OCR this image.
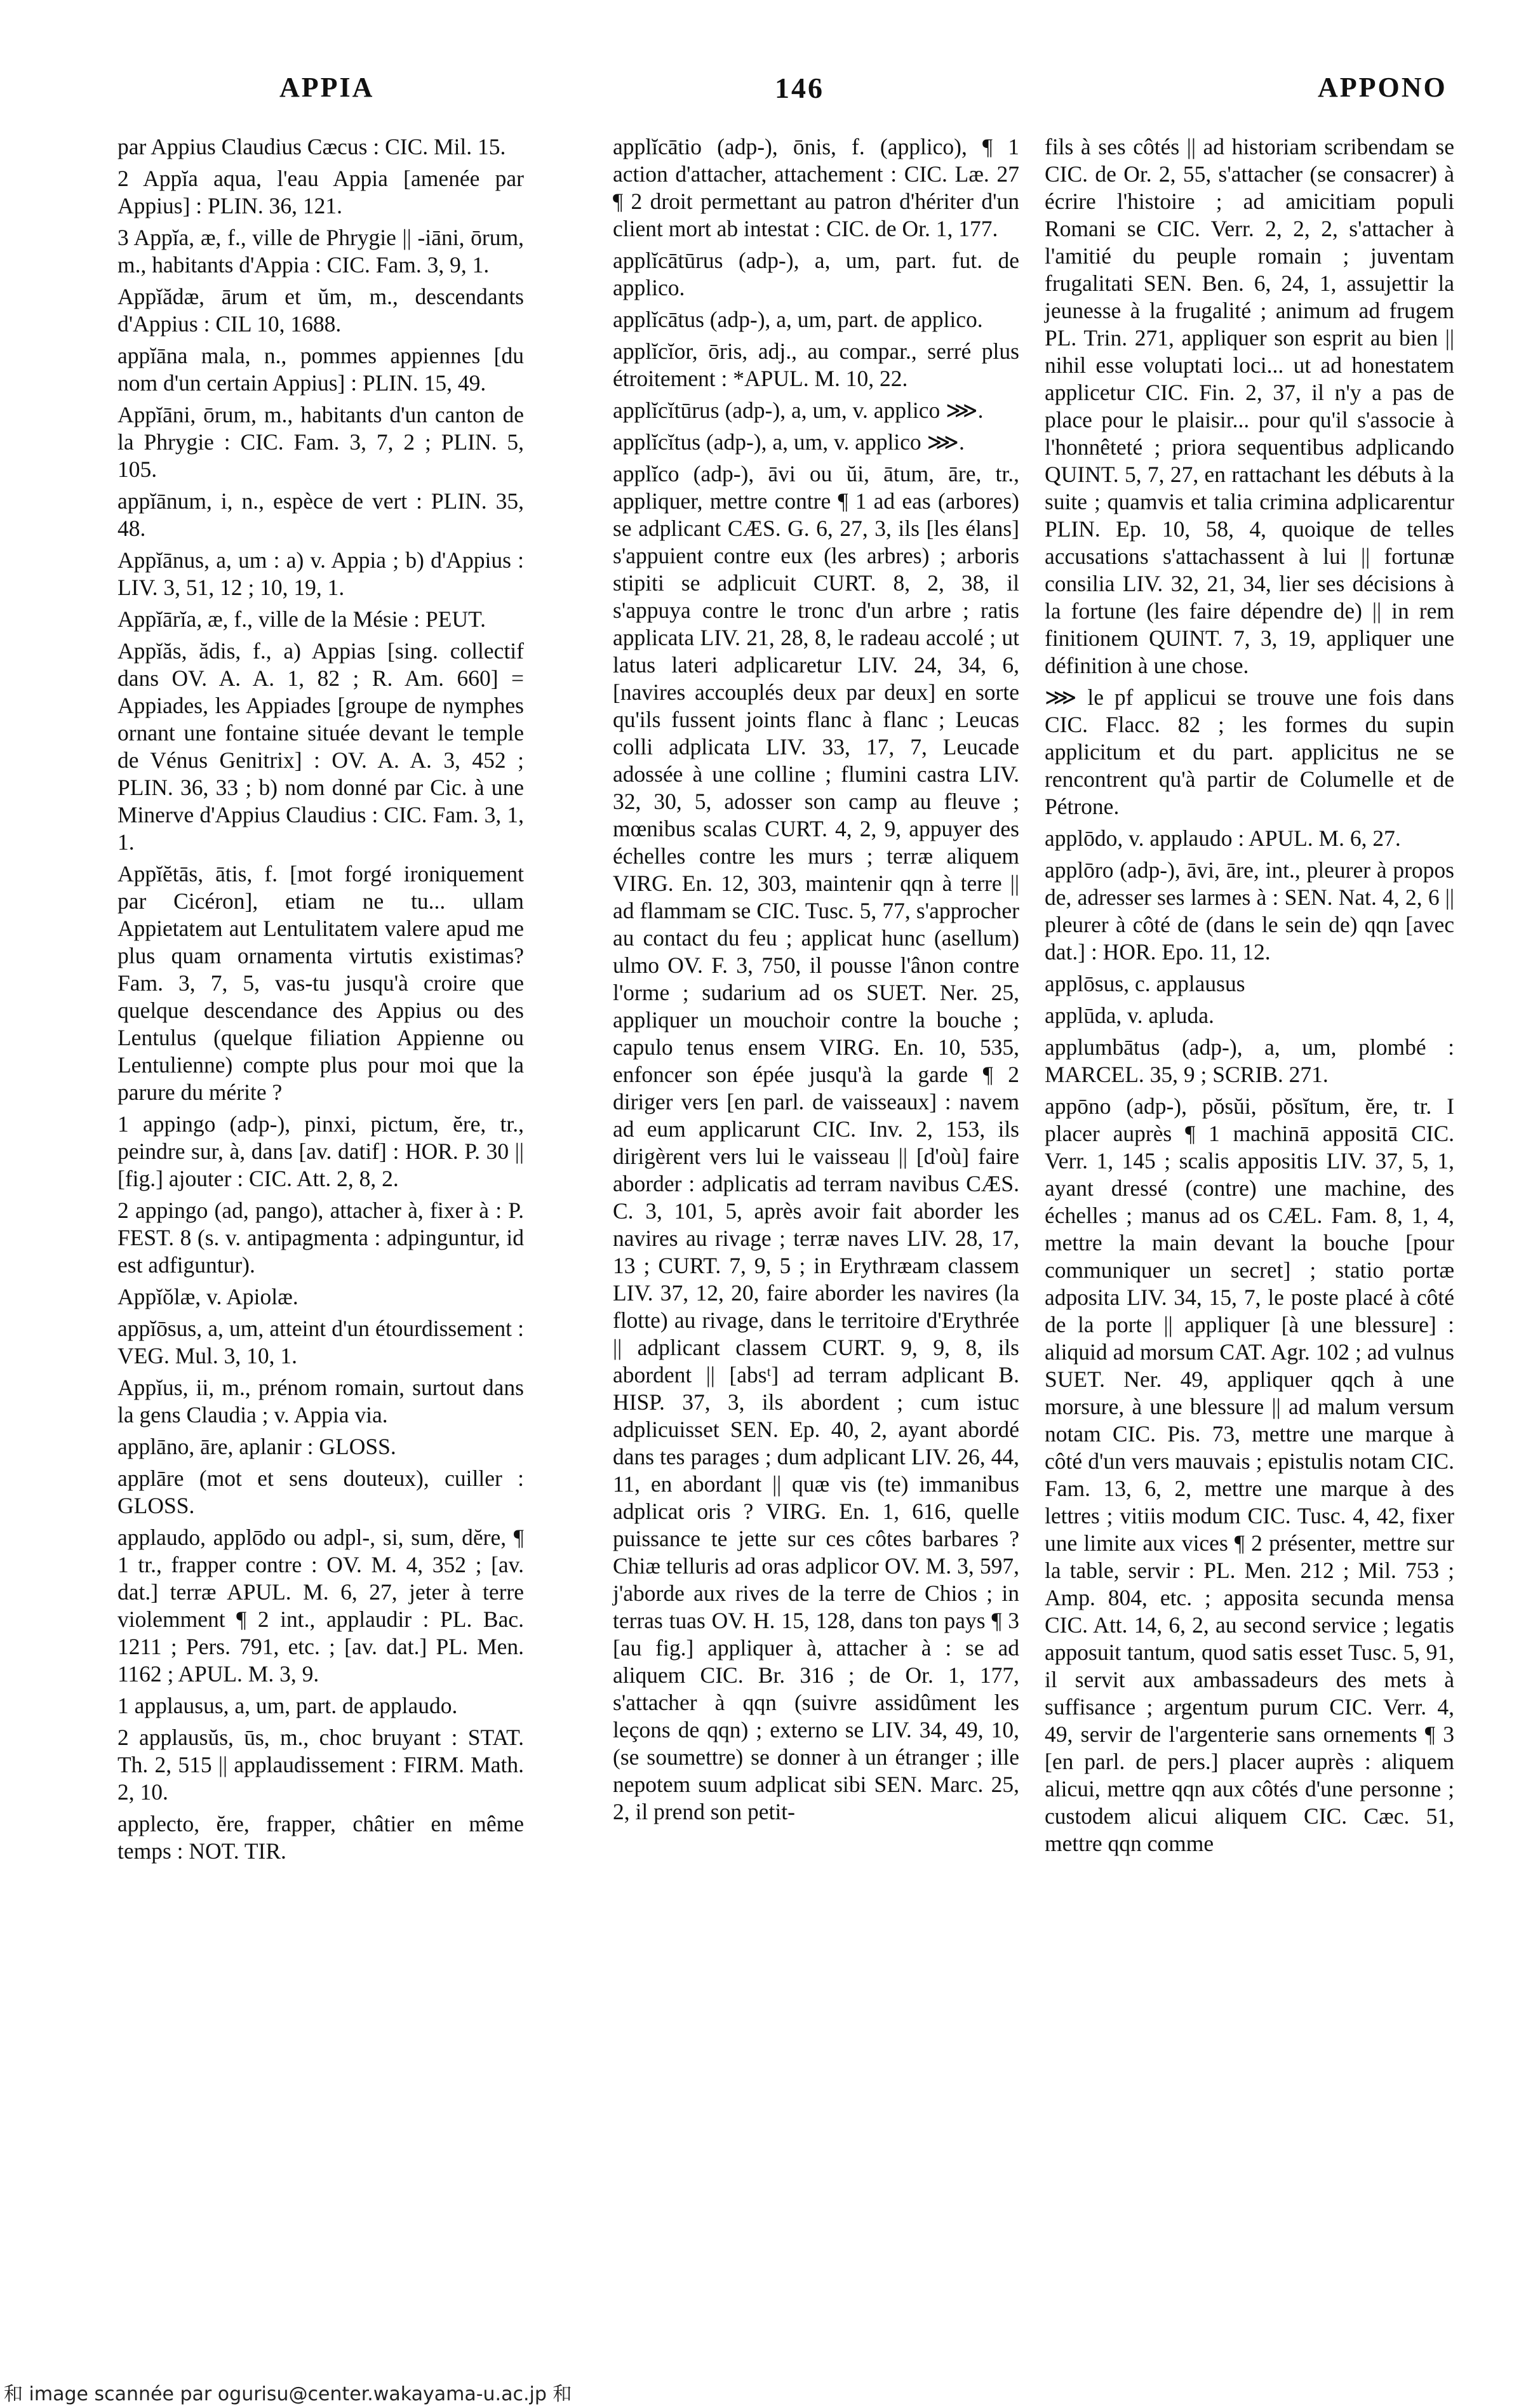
APPIA	146	APPONO

par Appius Claudius Cæcus : CIC. Mil. 15.

2 Appĭa aqua, l'eau Appia [amenée par Appius] : PLIN. 36, 121.

3 Appĭa, æ, f., ville de Phrygie || -iāni, ōrum, m., habitants d'Appia : CIC. Fam. 3, 9, 1.

Appĭădæ, ārum et ŭm, m., descendants d'Appius : CIL 10, 1688.

appĭāna mala, n., pommes appiennes [du nom d'un certain Appius] : PLIN. 15, 49.

Appĭāni, ōrum, m., habitants d'un canton de la Phrygie : CIC. Fam. 3, 7, 2 ; PLIN. 5, 105.

appĭānum, i, n., espèce de vert : PLIN. 35, 48.

Appĭānus, a, um : a) v. Appia ; b) d'Appius : LIV. 3, 51, 12 ; 10, 19, 1.

Appĭārĭa, æ, f., ville de la Mésie : PEUT.

Appĭăs, ădis, f., a) Appias [sing. collectif dans OV. A. A. 1, 82 ; R. Am. 660] = Appiades, les Appiades [groupe de nymphes ornant une fontaine située devant le temple de Vénus Genitrix] : OV. A. A. 3, 452 ; PLIN. 36, 33 ; b) nom donné par Cic. à une Minerve d'Appius Claudius : CIC. Fam. 3, 1, 1.

Appĭĕtās, ātis, f. [mot forgé ironiquement par Cicéron], etiam ne tu... ullam Appietatem aut Lentulitatem valere apud me plus quam ornamenta virtutis existimas? Fam. 3, 7, 5, vas-tu jusqu'à croire que quelque descendance des Appius ou des Lentulus (quelque filiation Appienne ou Lentulienne) compte plus pour moi que la parure du mérite ?

1 appingo (adp-), pinxi, pictum, ĕre, tr., peindre sur, à, dans [av. datif] : HOR. P. 30 || [fig.] ajouter : CIC. Att. 2, 8, 2.

2 appingo (ad, pango), attacher à, fixer à : P. FEST. 8 (s. v. antipagmenta : adpinguntur, id est adfiguntur).

Appĭŏlæ, v. Apiolæ.

appĭōsus, a, um, atteint d'un étourdissement : VEG. Mul. 3, 10, 1.

Appĭus, ii, m., prénom romain, surtout dans la gens Claudia ; v. Appia via.

applāno, āre, aplanir : GLOSS.

applāre (mot et sens douteux), cuiller : GLOSS.

applaudo, applōdo ou adpl-, si, sum, dĕre, ¶ 1 tr., frapper contre : OV. M. 4, 352 ; [av. dat.] terræ APUL. M. 6, 27, jeter à terre violemment ¶ 2 int., applaudir : PL. Bac. 1211 ; Pers. 791, etc. ; [av. dat.] PL. Men. 1162 ; APUL. M. 3, 9.

1 applausus, a, um, part. de applaudo.

2 applausŭs, ūs, m., choc bruyant : STAT. Th. 2, 515 || applaudissement : FIRM. Math. 2, 10.

applecto, ĕre, frapper, châtier en même temps : NOT. TIR.

applĭcātio (adp-), ōnis, f. (applico), ¶ 1 action d'attacher, attachement : CIC. Læ. 27 ¶ 2 droit permettant au patron d'hériter d'un client mort ab intestat : CIC. de Or. 1, 177.

applĭcātūrus (adp-), a, um, part. fut. de applico.

applĭcātus (adp-), a, um, part. de applico.

applĭcĭor, ōris, adj., au compar., serré plus étroitement : *APUL. M. 10, 22.

applĭcĭtūrus (adp-), a, um, v. applico ⋙.

applĭcĭtus (adp-), a, um, v. applico ⋙.

applĭco (adp-), āvi ou ŭi, ātum, āre, tr., appliquer, mettre contre ¶ 1 ad eas (arbores) se adplicant CÆS. G. 6, 27, 3, ils [les élans] s'appuient contre eux (les arbres) ; arboris stipiti se adplicuit CURT. 8, 2, 38, il s'appuya contre le tronc d'un arbre ; ratis applicata LIV. 21, 28, 8, le radeau accolé ; ut latus lateri adplicaretur LIV. 24, 34, 6, [navires accouplés deux par deux] en sorte qu'ils fussent joints flanc à flanc ; Leucas colli adplicata LIV. 33, 17, 7, Leucade adossée à une colline ; flumini castra LIV. 32, 30, 5, adosser son camp au fleuve ; mœnibus scalas CURT. 4, 2, 9, appuyer des échelles contre les murs ; terræ aliquem VIRG. En. 12, 303, maintenir qqn à terre || ad flammam se CIC. Tusc. 5, 77, s'approcher au contact du feu ; applicat hunc (asellum) ulmo OV. F. 3, 750, il pousse l'ânon contre l'orme ; sudarium ad os SUET. Ner. 25, appliquer un mouchoir contre la bouche ; capulo tenus ensem VIRG. En. 10, 535, enfoncer son épée jusqu'à la garde ¶ 2 diriger vers [en parl. de vaisseaux] : navem ad eum applicarunt CIC. Inv. 2, 153, ils dirigèrent vers lui le vaisseau || [d'où] faire aborder : adplicatis ad terram navibus CÆS. C. 3, 101, 5, après avoir fait aborder les navires au rivage ; terræ naves LIV. 28, 17, 13 ; CURT. 7, 9, 5 ; in Erythræam classem LIV. 37, 12, 20, faire aborder les navires (la flotte) au rivage, dans le territoire d'Erythrée || adplicant classem CURT. 9, 9, 8, ils abordent || [absᵗ] ad terram adplicant B. HISP. 37, 3, ils abordent ; cum istuc adplicuisset SEN. Ep. 40, 2, ayant abordé dans tes parages ; dum adplicant LIV. 26, 44, 11, en abordant || quæ vis (te) immanibus adplicat oris ? VIRG. En. 1, 616, quelle puissance te jette sur ces côtes barbares ? Chiæ telluris ad oras adplicor OV. M. 3, 597, j'aborde aux rives de la terre de Chios ; in terras tuas OV. H. 15, 128, dans ton pays ¶ 3 [au fig.] appliquer à, attacher à : se ad aliquem CIC. Br. 316 ; de Or. 1, 177, s'attacher à qqn (suivre assidûment les leçons de qqn) ; externo se LIV. 34, 49, 10, (se soumettre) se donner à un étranger ; ille nepotem suum adplicat sibi SEN. Marc. 25, 2, il prend son petit-

fils à ses côtés || ad historiam scribendam se CIC. de Or. 2, 55, s'attacher (se consacrer) à écrire l'histoire ; ad amicitiam populi Romani se CIC. Verr. 2, 2, 2, s'attacher à l'amitié du peuple romain ; juventam frugalitati SEN. Ben. 6, 24, 1, assujettir la jeunesse à la frugalité ; animum ad frugem PL. Trin. 271, appliquer son esprit au bien || nihil esse voluptati loci... ut ad honestatem applicetur CIC. Fin. 2, 37, il n'y a pas de place pour le plaisir... pour qu'il s'associe à l'honnêteté ; priora sequentibus adplicando QUINT. 5, 7, 27, en rattachant les débuts à la suite ; quamvis et talia crimina adplicarentur PLIN. Ep. 10, 58, 4, quoique de telles accusations s'attachassent à lui || fortunæ consilia LIV. 32, 21, 34, lier ses décisions à la fortune (les faire dépendre de) || in rem finitionem QUINT. 7, 3, 19, appliquer une définition à une chose.

⋙ le pf applicui se trouve une fois dans CIC. Flacc. 82 ; les formes du supin applicitum et du part. applicitus ne se rencontrent qu'à partir de Columelle et de Pétrone.

applōdo, v. applaudo : APUL. M. 6, 27.

applōro (adp-), āvi, āre, int., pleurer à propos de, adresser ses larmes à : SEN. Nat. 4, 2, 6 || pleurer à côté de (dans le sein de) qqn [avec dat.] : HOR. Epo. 11, 12.

applōsus, c. applausus

applūda, v. apluda.

applumbātus (adp-), a, um, plombé : MARCEL. 35, 9 ; SCRIB. 271.

appōno (adp-), pŏsŭi, pŏsĭtum, ĕre, tr. I placer auprès ¶ 1 machinā appositā CIC. Verr. 1, 145 ; scalis appositis LIV. 37, 5, 1, ayant dressé (contre) une machine, des échelles ; manus ad os CÆL. Fam. 8, 1, 4, mettre la main devant la bouche [pour communiquer un secret] ; statio portæ adposita LIV. 34, 15, 7, le poste placé à côté de la porte || appliquer [à une blessure] : aliquid ad morsum CAT. Agr. 102 ; ad vulnus SUET. Ner. 49, appliquer qqch à une morsure, à une blessure || ad malum versum notam CIC. Pis. 73, mettre une marque à côté d'un vers mauvais ; epistulis notam CIC. Fam. 13, 6, 2, mettre une marque à des lettres ; vitiis modum CIC. Tusc. 4, 42, fixer une limite aux vices ¶ 2 présenter, mettre sur la table, servir : PL. Men. 212 ; Mil. 753 ; Amp. 804, etc. ; apposita secunda mensa CIC. Att. 14, 6, 2, au second service ; legatis apposuit tantum, quod satis esset Tusc. 5, 91, il servit aux ambassadeurs des mets à suffisance ; argentum purum CIC. Verr. 4, 49, servir de l'argenterie sans ornements ¶ 3 [en parl. de pers.] placer auprès : aliquem alicui, mettre qqn aux côtés d'une personne ; custodem alicui aliquem CIC. Cæc. 51, mettre qqn comme

和 image scannée par ogurisu@center.wakayama-u.ac.jp 和
